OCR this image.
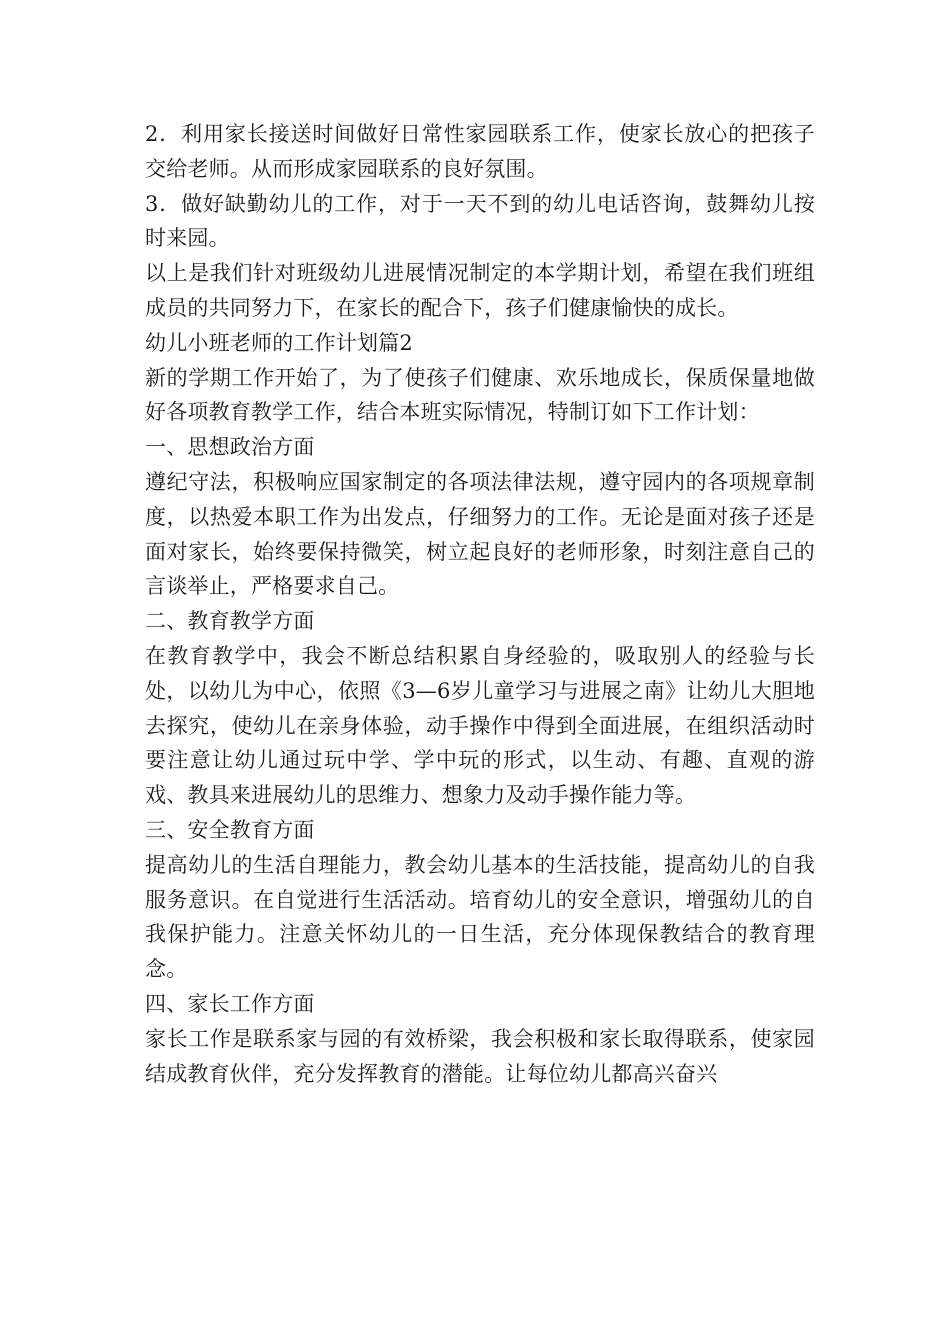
2．利用家长接送时间做好日常性家园联系工作，使家长放心的把孩子交给老师。从而形成家园联系的良好氛围。

3．做好缺勤幼儿的工作，对于一天不到的幼儿电话咨询，鼓舞幼儿按时来园。

以上是我们针对班级幼儿进展情况制定的本学期计划，希望在我们班组成员的共同努力下，在家长的配合下，孩子们健康愉快的成长。

幼儿小班老师的工作计划篇2

新的学期工作开始了，为了使孩子们健康、欢乐地成长，保质保量地做好各项教育教学工作，结合本班实际情况，特制订如下工作计划：

一、思想政治方面

遵纪守法，积极响应国家制定的各项法律法规，遵守园内的各项规章制度，以热爱本职工作为出发点，仔细努力的工作。无论是面对孩子还是面对家长，始终要保持微笑，树立起良好的老师形象，时刻注意自己的言谈举止，严格要求自己。

二、教育教学方面

在教育教学中，我会不断总结积累自身经验的，吸取别人的经验与长处，以幼儿为中心，依照《3—6岁儿童学习与进展之南》让幼儿大胆地去探究，使幼儿在亲身体验，动手操作中得到全面进展，在组织活动时要注意让幼儿通过玩中学、学中玩的形式，以生动、有趣、直观的游戏、教具来进展幼儿的思维力、想象力及动手操作能力等。

三、安全教育方面

提高幼儿的生活自理能力，教会幼儿基本的生活技能，提高幼儿的自我服务意识。在自觉进行生活活动。培育幼儿的安全意识，增强幼儿的自我保护能力。注意关怀幼儿的一日生活，充分体现保教结合的教育理念。

四、家长工作方面

家长工作是联系家与园的有效桥梁，我会积极和家长取得联系，使家园结成教育伙伴，充分发挥教育的潜能。让每位幼儿都高兴奋兴
